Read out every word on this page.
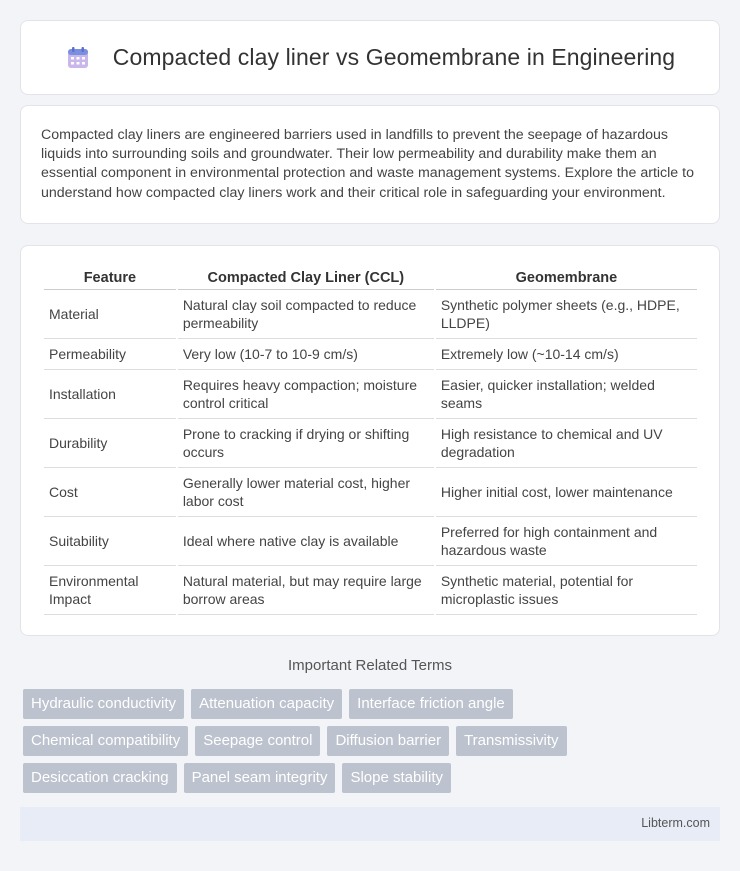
Compacted clay liner vs Geomembrane in Engineering

Compacted clay liners are engineered barriers used in landfills to prevent the seepage of hazardous liquids into surrounding soils and groundwater. Their low permeability and durability make them an essential component in environmental protection and waste management systems. Explore the article to understand how compacted clay liners work and their critical role in safeguarding your environment.

Feature	Compacted Clay Liner (CCL)	Geomembrane
Material	Natural clay soil compacted to reduce permeability	Synthetic polymer sheets (e.g., HDPE, LLDPE)
Permeability	Very low (10-7 to 10-9 cm/s)	Extremely low (~10-14 cm/s)
Installation	Requires heavy compaction; moisture control critical	Easier, quicker installation; welded seams
Durability	Prone to cracking if drying or shifting occurs	High resistance to chemical and UV degradation
Cost	Generally lower material cost, higher labor cost	Higher initial cost, lower maintenance
Suitability	Ideal where native clay is available	Preferred for high containment and hazardous waste
Environmental Impact	Natural material, but may require large borrow areas	Synthetic material, potential for microplastic issues
Important Related Terms
Hydraulic conductivity	Attenuation capacity	Interface friction angle
Chemical compatibility	Seepage control	Diffusion barrier	Transmissivity
Desiccation cracking	Panel seam integrity	Slope stability
Libterm.com
